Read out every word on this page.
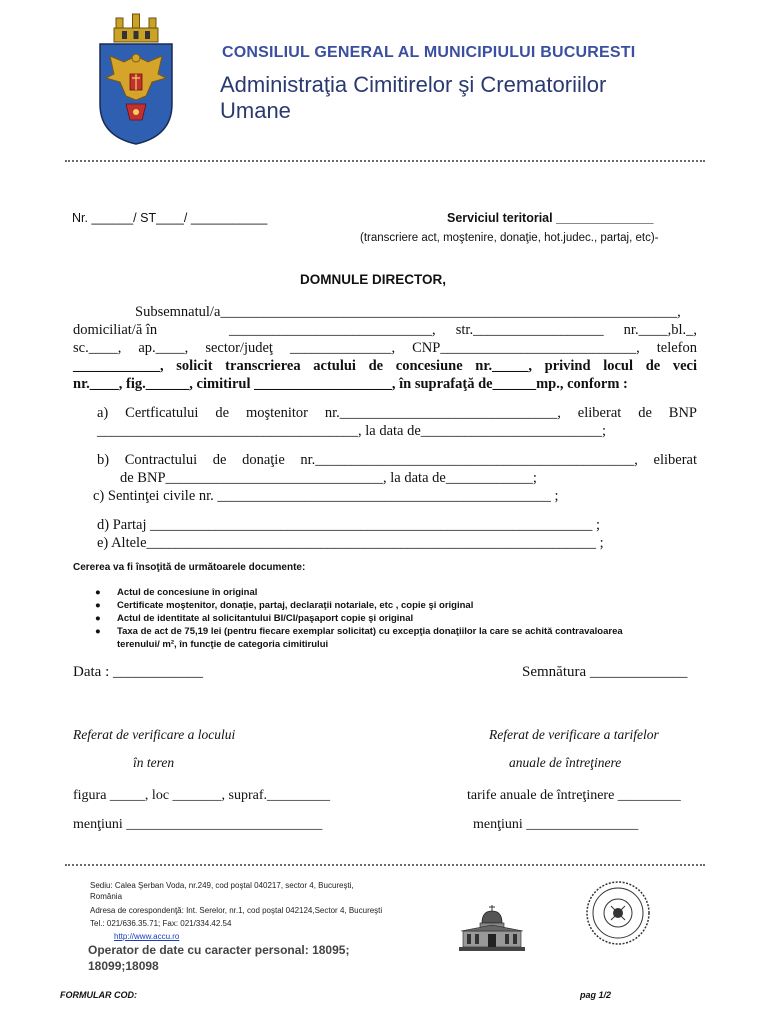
CONSILIUL GENERAL AL MUNICIPIULUI BUCURESTI
Administraţia Cimitirelor şi Crematoriilor
Umane
Nr. ______/ ST____/ ___________	Serviciul teritorial ______________
(transcriere act, moştenire, donaţie, hot.judec., partaj, etc)-
DOMNULE DIRECTOR,
Subsemnatul/a_______________________________________________________________,
domiciliat/ă în	____________________________, str.__________________ nr.____,bl._,
sc.____, ap.____, sector/judeţ ______________, CNP___________________________, telefon
____________, solicit transcrierea actului de concesiune nr._____, privind locul de veci
nr.____, fig.______, cimitirul ___________________, în suprafaţă de______mp., conform :
a) Certficatului de moştenitor nr.______________________________, eliberat de BNP
____________________________________, la data de_________________________;
b) Contractului de donaţie nr.____________________________________________, eliberat
de BNP______________________________, la data de____________;
c) Sentinţei civile nr. ______________________________________________ ;
d) Partaj _____________________________________________________________ ;
e) Altele______________________________________________________________ ;
Cererea va fi însoţită de următoarele documente:
● Actul de concesiune în original
● Certificate moştenitor, donaţie, partaj, declaraţii notariale, etc , copie şi original
● Actul de identitate al solicitantului BI/CI/paşaport copie şi original
● Taxa de act de 75,19 lei (pentru fiecare exemplar solicitat) cu excepţia donaţiilor la care se achită contravaloarea
terenului/ m², în funcţie de categoria cimitirului
Data : ____________	Semnătura _____________
Referat de verificare a locului
în teren
figura _____, loc _______, supraf._________
menţiuni ____________________________
Referat de verificare a tarifelor
anuale de întreţinere
tarife anuale de întreţinere _________
menţiuni ________________
Sediu: Calea Şerban Voda, nr.249, cod poştal 040217, sector 4, Bucureşti,
România
Adresa de corespondenţă: Int. Serelor, nr.1, cod poştal 042124,Sector 4, Bucureşti
Tel.: 021/636.35.71; Fax: 021/334.42.54
http://www.accu.ro
Operator de date cu caracter personal: 18095; 18099;18098
FORMULAR COD:	pag 1/2
